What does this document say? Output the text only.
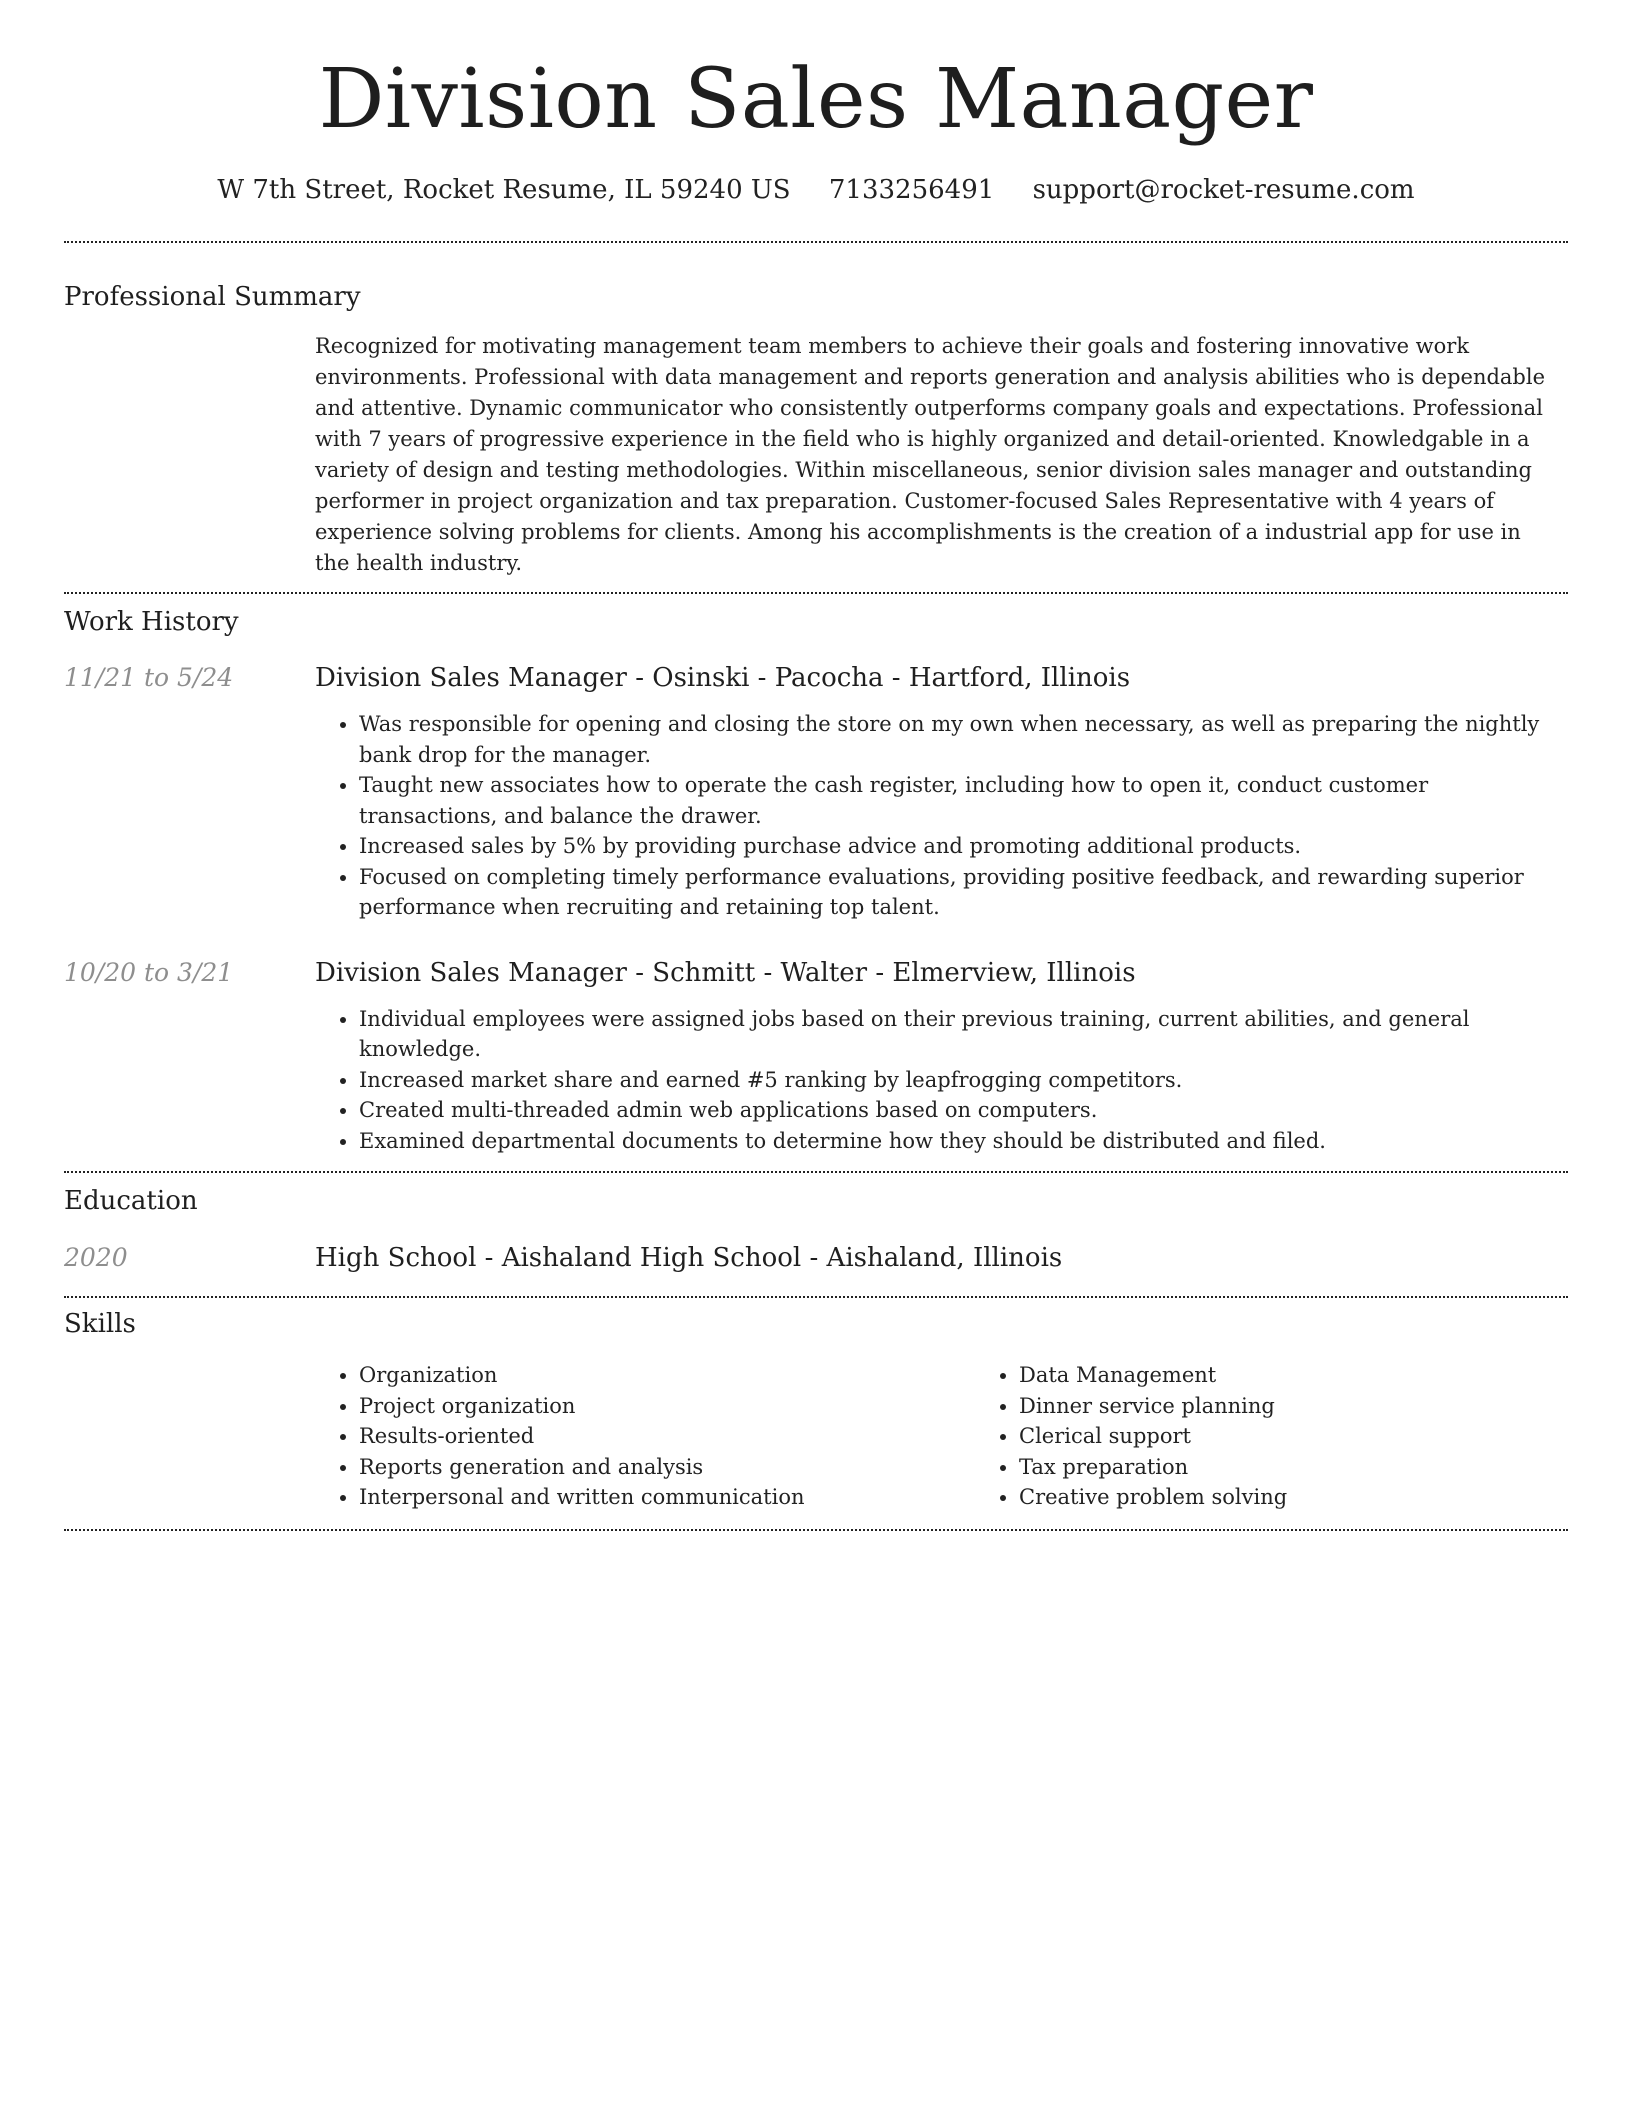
Division Sales Manager
W 7th Street, Rocket Resume, IL 59240 US 7133256491 support@rocket-resume.com
Professional Summary
Recognized for motivating management team members to achieve their goals and fostering innovative work environments. Professional with data management and reports generation and analysis abilities who is dependable and attentive. Dynamic communicator who consistently outperforms company goals and expectations. Professional with 7 years of progressive experience in the field who is highly organized and detail-oriented. Knowledgable in a variety of design and testing methodologies. Within miscellaneous, senior division sales manager and outstanding performer in project organization and tax preparation. Customer-focused Sales Representative with 4 years of experience solving problems for clients. Among his accomplishments is the creation of a industrial app for use in the health industry.
Work History
11/21 to 5/24	Division Sales Manager - Osinski - Pacocha - Hartford, Illinois
• Was responsible for opening and closing the store on my own when necessary, as well as preparing the nightly bank drop for the manager.
• Taught new associates how to operate the cash register, including how to open it, conduct customer transactions, and balance the drawer.
• Increased sales by 5% by providing purchase advice and promoting additional products.
• Focused on completing timely performance evaluations, providing positive feedback, and rewarding superior performance when recruiting and retaining top talent.
10/20 to 3/21	Division Sales Manager - Schmitt - Walter - Elmerview, Illinois
• Individual employees were assigned jobs based on their previous training, current abilities, and general knowledge.
• Increased market share and earned #5 ranking by leapfrogging competitors.
• Created multi-threaded admin web applications based on computers.
• Examined departmental documents to determine how they should be distributed and filed.
Education
2020	High School - Aishaland High School - Aishaland, Illinois
Skills
• Organization
• Project organization
• Results-oriented
• Reports generation and analysis
• Interpersonal and written communication
• Data Management
• Dinner service planning
• Clerical support
• Tax preparation
• Creative problem solving
